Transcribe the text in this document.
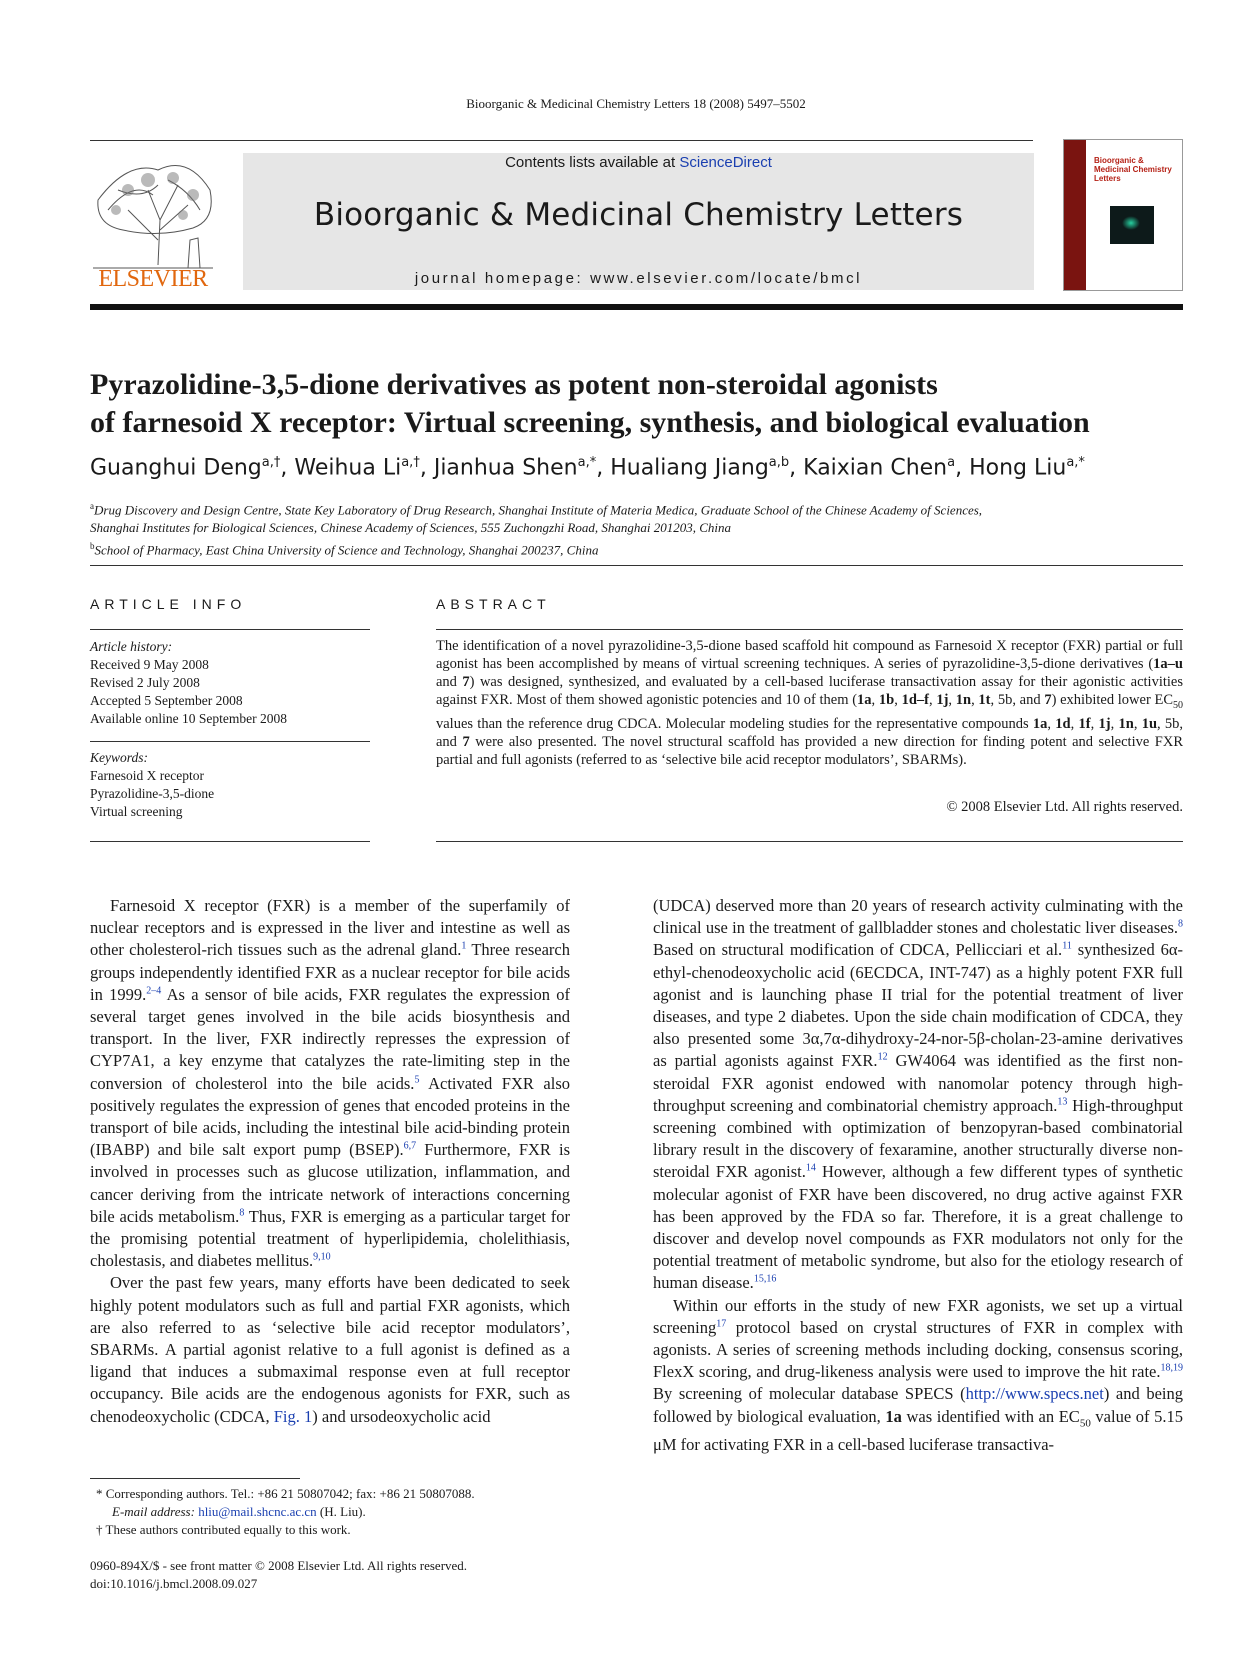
Bioorganic & Medicinal Chemistry Letters 18 (2008) 5497–5502
ELSEVIER
Contents lists available at ScienceDirect
Bioorganic & Medicinal Chemistry Letters
journal homepage: www.elsevier.com/locate/bmcl
Bioorganic & Medicinal Chemistry Letters
Pyrazolidine-3,5-dione derivatives as potent non-steroidal agonists
of farnesoid X receptor: Virtual screening, synthesis, and biological evaluation
Guanghui Deng$^{a,\dagger}$, Weihua $Li^{a,\dagger}$, Jianhua Shen$^{a,*}$, Hualiang Jiang$^{a,b}$, Kaixian Chen$^a$, Hong Liu$^{a,*}$
$^a$Drug Discovery and Design Centre, State Key Laboratory of Drug Research, Shanghai Institute of Materia Medica, Graduate School of the Chinese Academy of Sciences,
Shanghai Institutes for Biological Sciences, Chinese Academy of Sciences, 555 Zuchongzhi Road, Shanghai 201203, China
$^b$School of Pharmacy, East China University of Science and Technology, Shanghai 200237, China
ARTICLE INFO
Article history:
Received 9 May 2008
Revised 2 July 2008
Accepted 5 September 2008
Available online 10 September 2008
Keywords:
Farnesoid X receptor
Pyrazolidine-3,5-dione
Virtual screening
ABSTRACT
The identification of a novel pyrazolidine-3,5-dione based scaffold hit compound as Farnesoid X receptor (FXR) partial or full agonist has been accomplished by means of virtual screening techniques. A series of pyrazolidine-3,5-dione derivatives (1a–u and 7) was designed, synthesized, and evaluated by a cell-based luciferase transactivation assay for their agonistic activities against FXR. Most of them showed agonistic potencies and 10 of them (1a, 1b, 1d–f, 1j, 1n, 1t, 5b, and 7) exhibited lower $EC_{50}$ values than the reference drug CDCA. Molecular modeling studies for the representative compounds 1a, 1d, 1f, 1j, 1n, 1u, 5b, and 7 were also presented. The novel structural scaffold has provided a new direction for finding potent and selective FXR partial and full agonists (referred to as ‘selective bile acid receptor modulators’, SBARMs).
© 2008 Elsevier Ltd. All rights reserved.

Farnesoid X receptor (FXR) is a member of the superfamily of nuclear receptors and is expressed in the liver and intestine as well as other cholesterol-rich tissues such as the adrenal gland.$^1$ Three research groups independently identified FXR as a nuclear receptor for bile acids in 1999.$^{2-4}$ As a sensor of bile acids, FXR regulates the expression of several target genes involved in the bile acids biosynthesis and transport. In the liver, FXR indirectly represses the expression of CYP7A1, a key enzyme that catalyzes the rate-limiting step in the conversion of cholesterol into the bile acids.$^5$ Activated FXR also positively regulates the expression of genes that encoded proteins in the transport of bile acids, including the intestinal bile acid-binding protein (IBABP) and bile salt export pump (BSEP).$^{6,7}$ Furthermore, FXR is involved in processes such as glucose utilization, inflammation, and cancer deriving from the intricate network of interactions concerning bile acids metabolism.$^8$ Thus, FXR is emerging as a particular target for the promising potential treatment of hyperlipidemia, cholelithiasis, cholestasis, and diabetes mellitus.$^{9,10}$

Over the past few years, many efforts have been dedicated to seek highly potent modulators such as full and partial FXR agonists, which are also referred to as ‘selective bile acid receptor modulators’, SBARMs. A partial agonist relative to a full agonist is defined as a ligand that induces a submaximal response even at full receptor occupancy. Bile acids are the endogenous agonists for FXR, such as chenodeoxycholic (CDCA, Fig. 1) and ursodeoxycholic acid

(UDCA) deserved more than 20 years of research activity culminating with the clinical use in the treatment of gallbladder stones and cholestatic liver diseases.$^8$ Based on structural modification of CDCA, Pellicciari et al.$^{11}$ synthesized 6α-ethyl-chenodeoxycholic acid (6ECDCA, INT-747) as a highly potent FXR full agonist and is launching phase II trial for the potential treatment of liver diseases, and type 2 diabetes. Upon the side chain modification of CDCA, they also presented some 3α,7α-dihydroxy-24-nor-5β-cholan-23-amine derivatives as partial agonists against FXR.$^{12}$ GW4064 was identified as the first non-steroidal FXR agonist endowed with nanomolar potency through high-throughput screening and combinatorial chemistry approach.$^{13}$ High-throughput screening combined with optimization of benzopyran-based combinatorial library result in the discovery of fexaramine, another structurally diverse non-steroidal FXR agonist.$^{14}$ However, although a few different types of synthetic molecular agonist of FXR have been discovered, no drug active against FXR has been approved by the FDA so far. Therefore, it is a great challenge to discover and develop novel compounds as FXR modulators not only for the potential treatment of metabolic syndrome, but also for the etiology research of human disease.$^{15,16}$

Within our efforts in the study of new FXR agonists, we set up a virtual screening$^{17}$ protocol based on crystal structures of FXR in complex with agonists. A series of screening methods including docking, consensus scoring, FlexX scoring, and drug-likeness analysis were used to improve the hit rate.$^{18,19}$ By screening of molecular database SPECS (http://www.specs.net) and being followed by biological evaluation, 1a was identified with an $EC_{50}$ value of 5.15 μM for activating FXR in a cell-based luciferase transactiva-

* Corresponding authors. Tel.: +86 21 50807042; fax: +86 21 50807088.
E-mail address: hliu@mail.shcnc.ac.cn (H. Liu).
† These authors contributed equally to this work.
0960-894X/$ - see front matter © 2008 Elsevier Ltd. All rights reserved.
doi:10.1016/j.bmcl.2008.09.027
